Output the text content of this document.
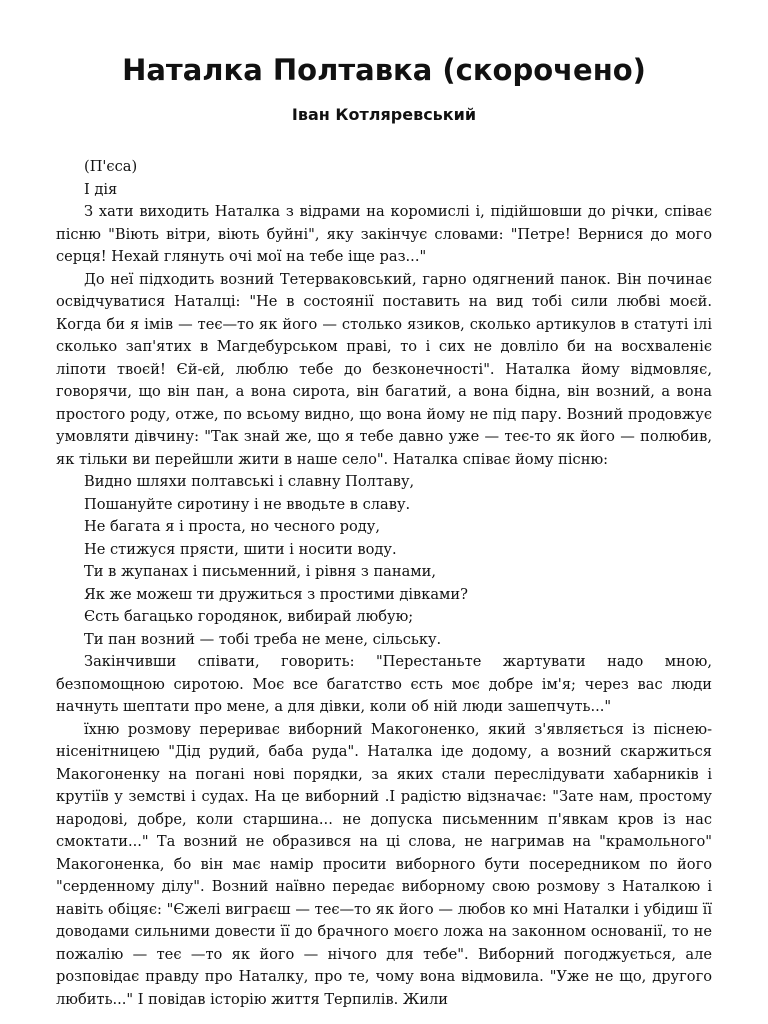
Наталка Полтавка (скорочено)
Іван Котляревський

(П'єса)

І дія

З хати виходить Наталка з відрами на коромислі і, підійшовши до річки, співає пісню "Віють вітри, віють буйні", яку закінчує словами: "Петре! Вернися до мого серця! Нехай глянуть очі мої на тебе іще раз..."

До неї підходить возний Тетерваковський, гарно одягнений панок. Він починає освідчуватися Наталці: "Не в состоянії поставить на вид тобі сили любві моєй. Когда би я імів — теє—то як його — столько язиков, сколько артикулов в статуті ілі сколько зап'ятих в Магдебурськом праві, то і сих не довліло би на восхваленіє ліпоти твоєй! Єй-єй, люблю тебе до безконечності". Наталка йому відмовляє, говорячи, що він пан, а вона сирота, він багатий, а вона бідна, він возний, а вона простого роду, отже, по всьому видно, що вона йому не під пару. Возний продовжує умовляти дівчину: "Так знай же, що я тебе давно уже — теє-то як його — полюбив, як тільки ви перейшли жити в наше село". Наталка співає йому пісню:

Видно шляхи полтавські і славну Полтаву,

Пошануйте сиротину і не вводьте в славу.

Не багата я і проста, но чесного роду,

Не стижуся прясти, шити і носити воду.

Ти в жупанах і письменний, і рівня з панами,

Як же можеш ти дружиться з простими дівками?

Єсть багацько городянок, вибирай любую;

Ти пан возний — тобі треба не мене, сільську.

Закінчивши співати, говорить: "Перестаньте жартувати надо мною, безпомощною сиротою. Моє все багатство єсть моє добре ім'я; через вас люди начнуть шептати про мене, а для дівки, коли об ній люди зашепчуть..."

їхню розмову перериває виборний Макогоненко, який з'являється із піснею-нісенітницею "Дід рудий, баба руда". Наталка іде додому, а возний скаржиться Макогоненку на погані нові порядки, за яких стали переслідувати хабарників і крутіїв у земстві і судах. На це виборний .І радістю відзначає: "Зате нам, простому народові, добре, коли старшина... не допуска письменним п'явкам кров із нас смоктати..." Та возний не образився на ці слова, не нагримав на "крамольного" Макогоненка, бо він має намір просити виборного бути посередником по його "серденному ділу". Возний наївно передає виборному свою розмову з Наталкою і навіть обіцяє: "Єжелі виграєш — теє—то як його — любов ко мні Наталки і убідиш її доводами сильними довести її до брачного моєго ложа на законном основанії, то не пожалію — теє —то як його — нічого для тебе". Виборний погоджується, але розповідає правду про Наталку, про те, чому вона відмовила. "Уже не що, другого любить..." І повідав історію життя Терпилів. Жили
